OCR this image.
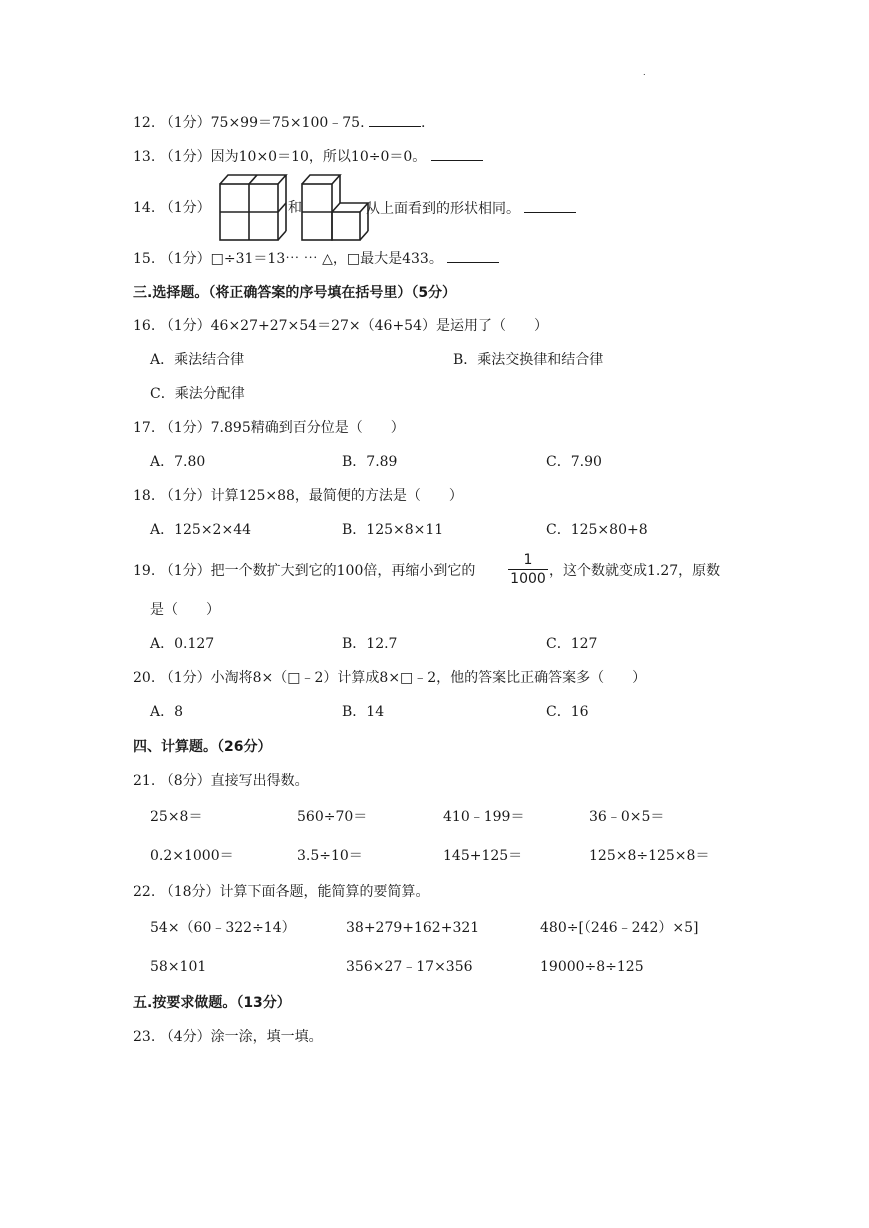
.
12. （1分）75×99＝75×100﹣75.	.
13. （1分）因为10×0＝10，所以10÷0＝0。
14. （1分）	和	从上面看到的形状相同。
15. （1分）□÷31＝13⋯ ⋯ △，□最大是433。
三.选择题。（将正确答案的序号填在括号里）（5分）
16. （1分）46×27+27×54＝27×（46+54）是运用了（　　）
A．乘法结合律	B．乘法交换律和结合律
C．乘法分配律
17. （1分）7.895精确到百分位是（　　）
A．7.80	B．7.89	C．7.90
18. （1分）计算125×88，最简便的方法是（　　）
A．125×2×44	B．125×8×11	C．125×80+8
19. （1分）把一个数扩大到它的100倍，再缩小到它的
1
1000 ，这个数就变成1.27，原数
是（　　）
A．0.127	B．12.7	C．127
20. （1分）小淘将8×（□﹣2）计算成8×□﹣2，他的答案比正确答案多（　　）
A．8	B．14	C．16
四、计算题。（26分）
21. （8分）直接写出得数。
25×8＝	560÷70＝	410﹣199＝	36﹣0×5＝
0.2×1000＝	3.5÷10＝	145+125＝	125×8÷125×8＝
22. （18分）计算下面各题，能简算的要简算。
54×（60﹣322÷14）	38+279+162+321	480÷[（246﹣242）×5]
58×101	356×27﹣17×356	19000÷8÷125
五.按要求做题。（13分）
23. （4分）涂一涂，填一填。
